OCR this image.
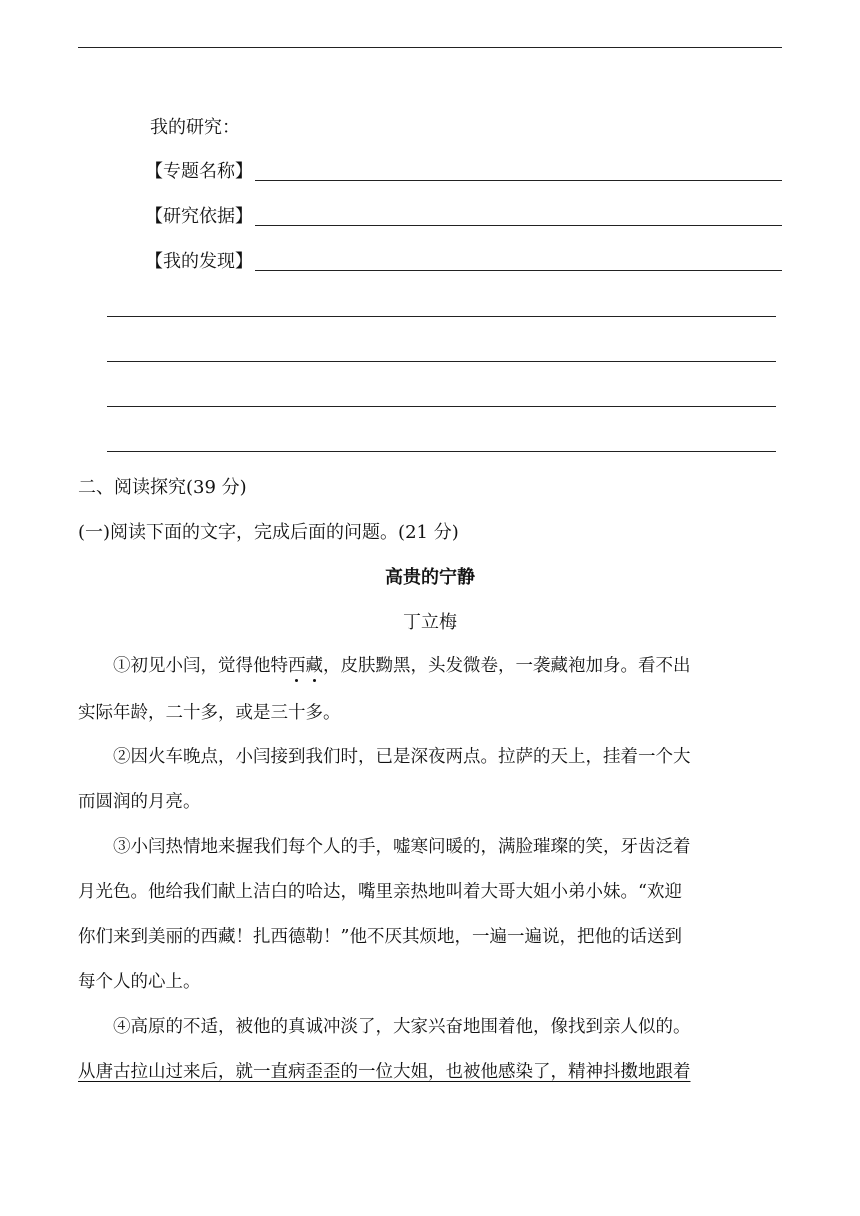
我的研究：
【专题名称】
【研究依据】
【我的发现】
二、阅读探究(39 分)
(一)阅读下面的文字，完成后面的问题。(21 分)
高贵的宁静
丁立梅
①初见小闫，觉得他特西藏，皮肤黝黑，头发微卷，一袭藏袍加身。看不出
实际年龄，二十多，或是三十多。
②因火车晚点，小闫接到我们时，已是深夜两点。拉萨的天上，挂着一个大
而圆润的月亮。
③小闫热情地来握我们每个人的手，嘘寒问暖的，满脸璀璨的笑，牙齿泛着
月光色。他给我们献上洁白的哈达，嘴里亲热地叫着大哥大姐小弟小妹。“欢迎
你们来到美丽的西藏！扎西德勒！”他不厌其烦地，一遍一遍说，把他的话送到
每个人的心上。
④高原的不适，被他的真诚冲淡了，大家兴奋地围着他，像找到亲人似的。
从唐古拉山过来后，就一直病歪歪的一位大姐，也被他感染了，精神抖擞地跟着
